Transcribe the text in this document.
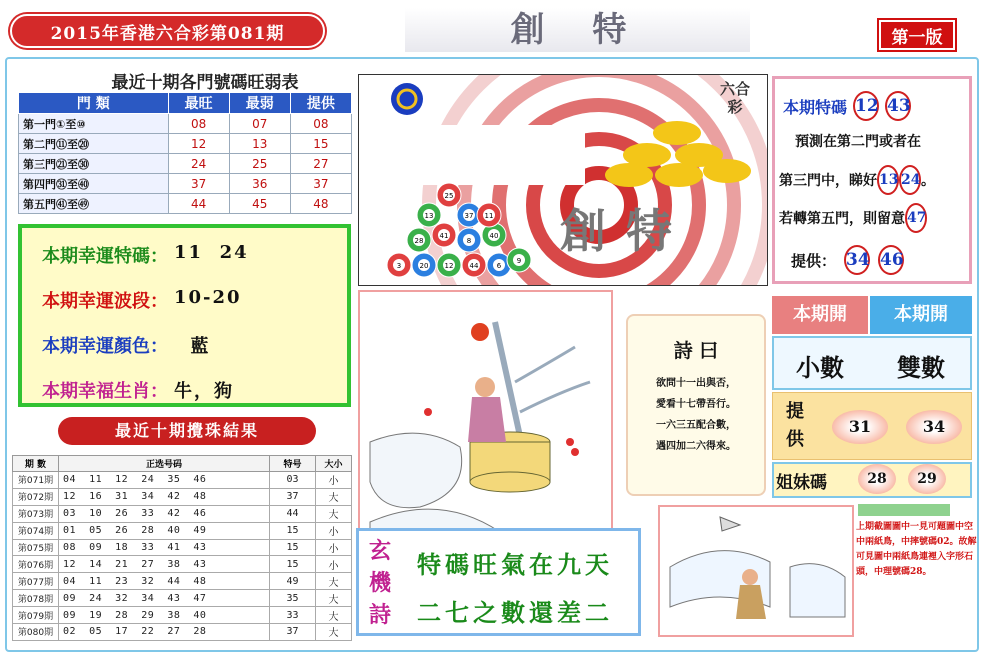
2015年香港六合彩第081期	創 特	第一版
最近十期各門號碼旺弱表
門 類	最旺	最弱	提供
第一門①至⑩	08	07	08
第二門⑪至⑳	12	13	15
第三門㉑至㉚	24	25	27
第四門㉛至㊵	37	36	37
第五門㊶至㊾	44	45	48
本期幸運特碼： 11  24
本期幸運波段： 10-20
本期幸運顏色： 藍
本期幸福生肖： 牛，狗
最近十期攪珠結果
期 數	正选号码	特号	大小
第071期	04  11  12  24  35  46	03	小
第072期	12  16  31  34  42  48	37	大
第073期	03  10  26  33  42  46	44	大
第074期	01  05  26  28  40  49	15	小
第075期	08  09  18  33  41  43	15	小
第076期	12  14  21  27  38  43	15	小
第077期	04  11  23  32  44  48	49	大
第078期	09  24  32  34  43  47	35	大
第079期	09  19  28  29  38  40	33	大
第080期	02  05  17  22  27  28	37	大
13
25
37
28
41
8
40
3	20 12 44	6
9
11 創特
六合彩	本期特碼 12 43
預測在第二門或者在
第三門中，睇好 13 24 。
若轉第五門，則留意 47
提供： 34 46
詩 曰
欲問十一出與否，
愛看十七帶吾行。
一六三五配合數，
遇四加二六得來。
本期開	本期開
小數	雙數
提供
31	34
姐妹碼	28	29
玄機詩
特碼旺氣在九天
二七之數還差二
上期截圖圖中一見可題圖中空中兩紙鳥，中摔號碼02。故解可見圖中兩紙鳥連裡入字形石頭，中理號碼28。
